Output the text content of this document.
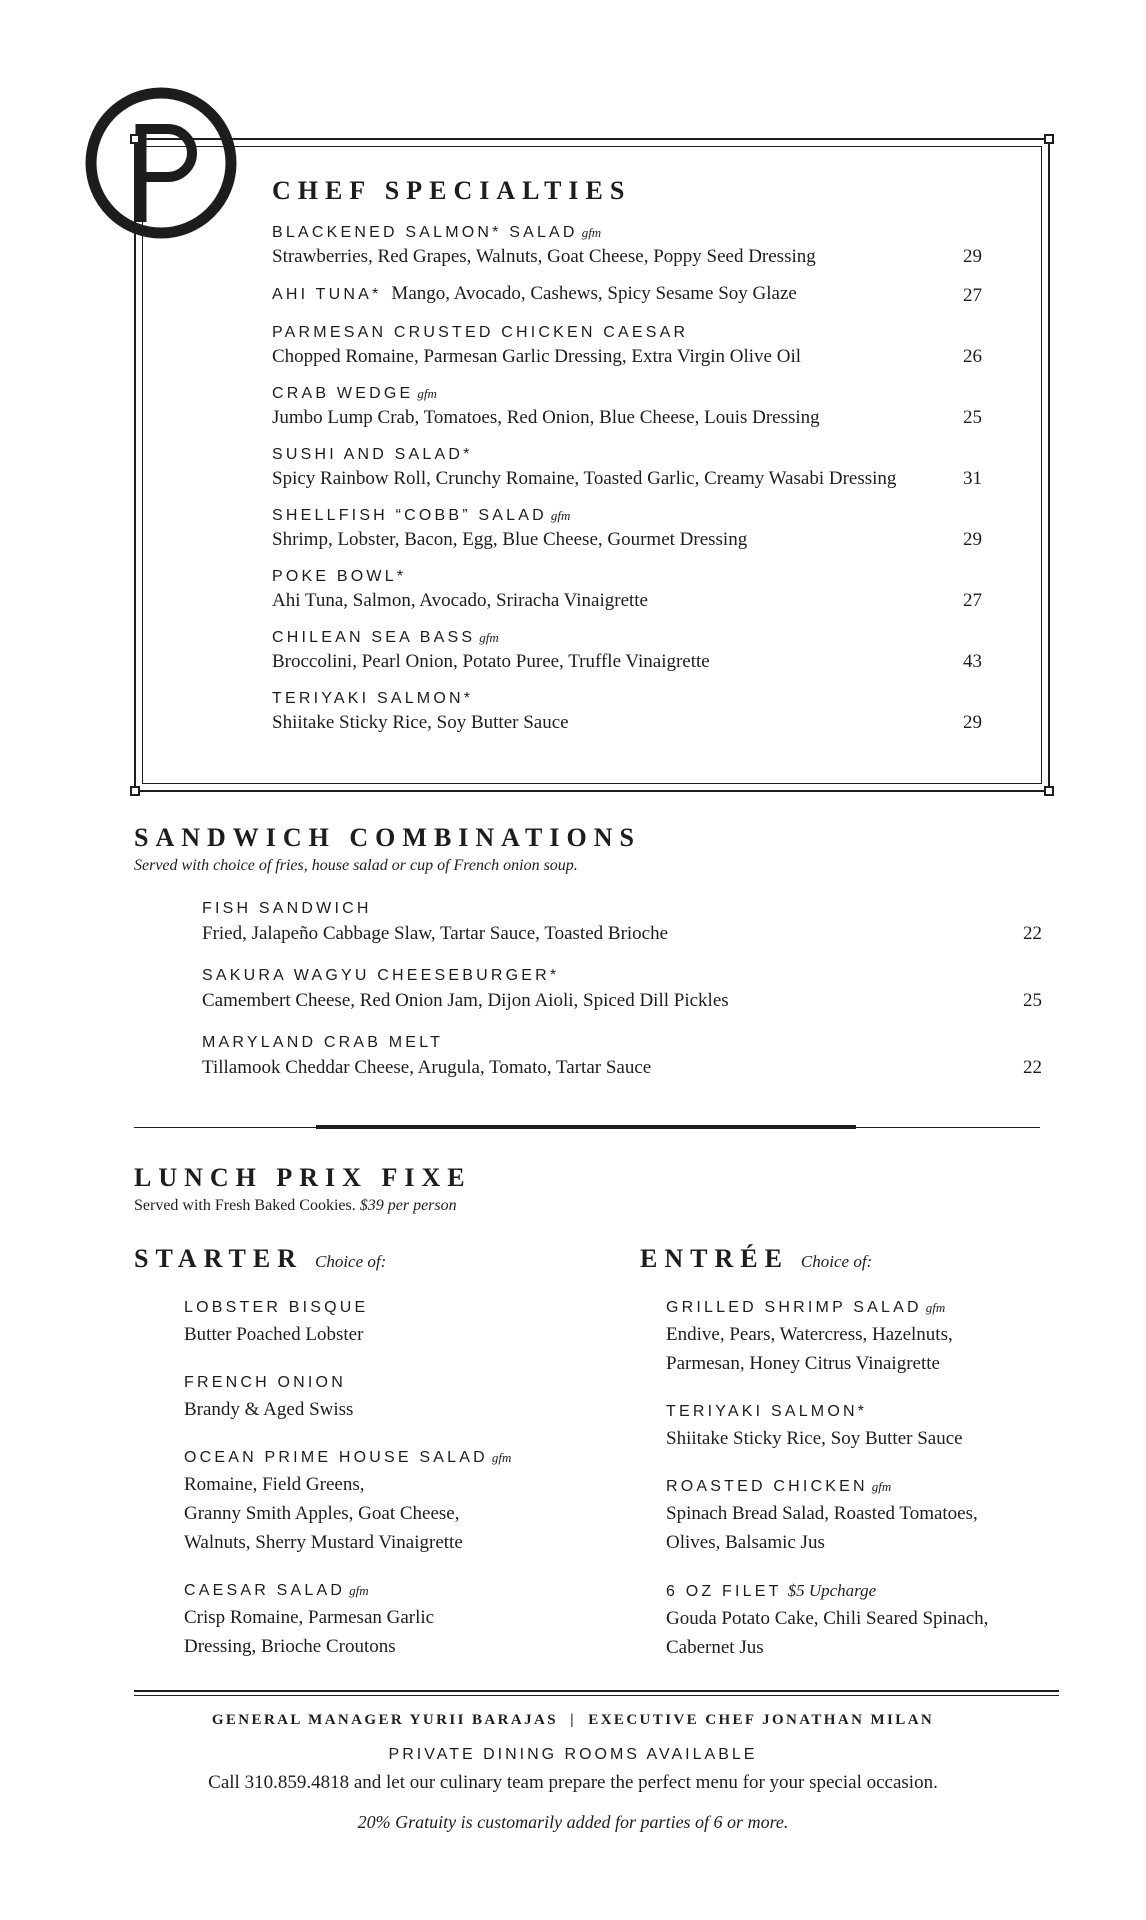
CHEF SPECIALTIES
BLACKENED SALMON* SALAD gfm
Strawberries, Red Grapes, Walnuts, Goat Cheese, Poppy Seed Dressing	29
AHI TUNA* Mango, Avocado, Cashews, Spicy Sesame Soy Glaze	27
PARMESAN CRUSTED CHICKEN CAESAR
Chopped Romaine, Parmesan Garlic Dressing, Extra Virgin Olive Oil	26
CRAB WEDGE gfm
Jumbo Lump Crab, Tomatoes, Red Onion, Blue Cheese, Louis Dressing	25
SUSHI AND SALAD*
Spicy Rainbow Roll, Crunchy Romaine, Toasted Garlic, Creamy Wasabi Dressing	31
SHELLFISH “COBB” SALAD gfm
Shrimp, Lobster, Bacon, Egg, Blue Cheese, Gourmet Dressing	29
POKE BOWL*
Ahi Tuna, Salmon, Avocado, Sriracha Vinaigrette	27
CHILEAN SEA BASS gfm
Broccolini, Pearl Onion, Potato Puree, Truffle Vinaigrette	43
TERIYAKI SALMON*
Shiitake Sticky Rice, Soy Butter Sauce	29
SANDWICH COMBINATIONS
Served with choice of fries, house salad or cup of French onion soup.
FISH SANDWICH
Fried, Jalapeño Cabbage Slaw, Tartar Sauce, Toasted Brioche	22
SAKURA WAGYU CHEESEBURGER*
Camembert Cheese, Red Onion Jam, Dijon Aioli, Spiced Dill Pickles	25
MARYLAND CRAB MELT
Tillamook Cheddar Cheese, Arugula, Tomato, Tartar Sauce	22
LUNCH PRIX FIXE
Served with Fresh Baked Cookies. $39 per person
STARTER Choice of:	ENTRÉE Choice of:
LOBSTER BISQUE
Butter Poached Lobster
FRENCH ONION
Brandy & Aged Swiss
OCEAN PRIME HOUSE SALAD gfm
Romaine, Field Greens,
Granny Smith Apples, Goat Cheese,
Walnuts, Sherry Mustard Vinaigrette
CAESAR SALAD gfm
Crisp Romaine, Parmesan Garlic
Dressing, Brioche Croutons
GRILLED SHRIMP SALAD gfm
Endive, Pears, Watercress, Hazelnuts,
Parmesan, Honey Citrus Vinaigrette
TERIYAKI SALMON*
Shiitake Sticky Rice, Soy Butter Sauce
ROASTED CHICKEN gfm
Spinach Bread Salad, Roasted Tomatoes,
Olives, Balsamic Jus
6 OZ FILET $5 Upcharge
Gouda Potato Cake, Chili Seared Spinach,
Cabernet Jus
GENERAL MANAGER YURII BARAJAS  |  EXECUTIVE CHEF JONATHAN MILAN
PRIVATE DINING ROOMS AVAILABLE
Call 310.859.4818 and let our culinary team prepare the perfect menu for your special occasion.
20% Gratuity is customarily added for parties of 6 or more.
